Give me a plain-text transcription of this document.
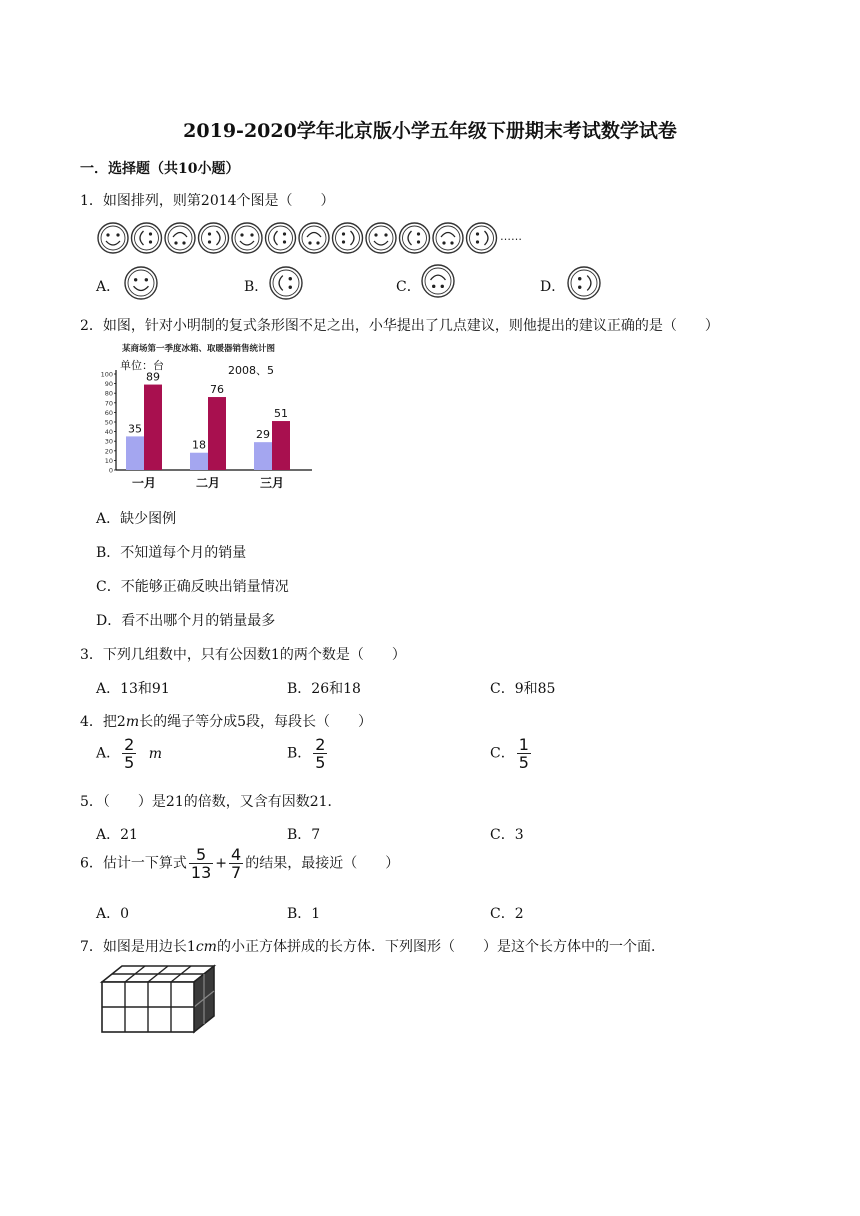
2019-2020学年北京版小学五年级下册期末考试数学试卷
一．选择题（共10小题）
1．如图排列，则第2014个图是（　　）
……
A．	B．	C．	D．
2．如图，针对小明制的复式条形图不足之出，小华提出了几点建议，则他提出的建议正确的是（　　）
某商场第一季度冰箱、取暖器销售统计图
单位：台	2008、5
0
10
20
30
40
50
60
70
80
90
100
35
89
一月
18
76
二月
29
51
三月
A．缺少图例
B．不知道每个月的销量
C．不能够正确反映出销量情况
D．看不出哪个月的销量最多
3．下列几组数中，只有公因数1的两个数是（　　）
A．13和91	B．26和18	C．9和85
4．把2m长的绳子等分成5段，每段长（　　）
A． $\frac{2}{5}$ m	B． $\frac{2}{5}$	C． $\frac{1}{5}$
5．（　　）是21的倍数，又含有因数21．
A．21	B．7	C．3
6．估计一下算式 $\frac{5}{13} + \frac{4}{7}$ 的结果，最接近（　　）
A．0	B．1	C．2
7．如图是用边长1cm的小正方体拼成的长方体．下列图形（　　）是这个长方体中的一个面．
